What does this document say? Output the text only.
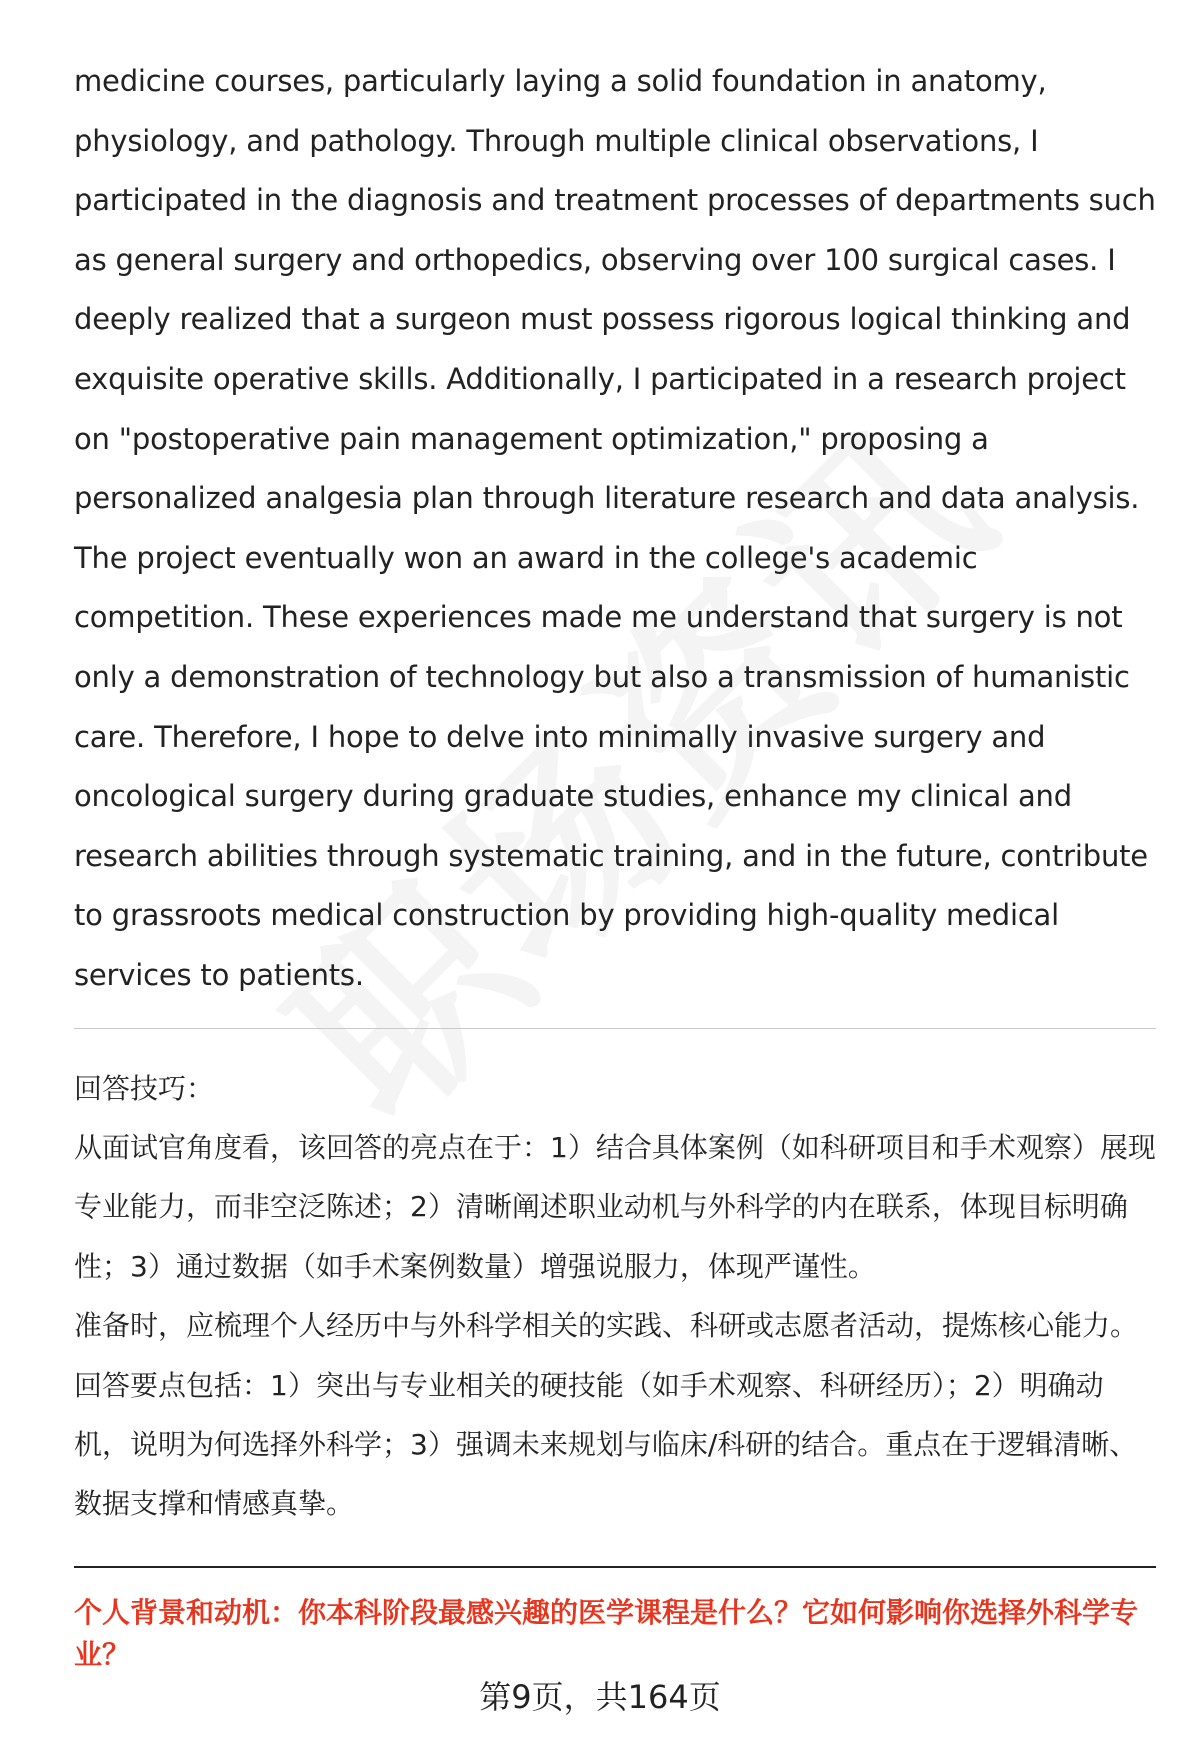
medicine courses, particularly laying a solid foundation in anatomy, physiology, and pathology. Through multiple clinical observations, I participated in the diagnosis and treatment processes of departments such as general surgery and orthopedics, observing over 100 surgical cases. I deeply realized that a surgeon must possess rigorous logical thinking and exquisite operative skills. Additionally, I participated in a research project on "postoperative pain management optimization," proposing a personalized analgesia plan through literature research and data analysis. The project eventually won an award in the college's academic competition. These experiences made me understand that surgery is not only a demonstration of technology but also a transmission of humanistic care. Therefore, I hope to delve into minimally invasive surgery and oncological surgery during graduate studies, enhance my clinical and research abilities through systematic training, and in the future, contribute to grassroots medical construction by providing high-quality medical services to patients.

回答技巧：
从面试官角度看，该回答的亮点在于：1）结合具体案例（如科研项目和手术观察）展现专业能力，而非空泛陈述；2）清晰阐述职业动机与外科学的内在联系，体现目标明确性；3）通过数据（如手术案例数量）增强说服力，体现严谨性。
准备时，应梳理个人经历中与外科学相关的实践、科研或志愿者活动，提炼核心能力。回答要点包括：1）突出与专业相关的硬技能（如手术观察、科研经历）；2）明确动机，说明为何选择外科学；3）强调未来规划与临床/科研的结合。重点在于逻辑清晰、数据支撑和情感真挚。
个人背景和动机：你本科阶段最感兴趣的医学课程是什么？它如何影响你选择外科学专业？
第9页，共164页
